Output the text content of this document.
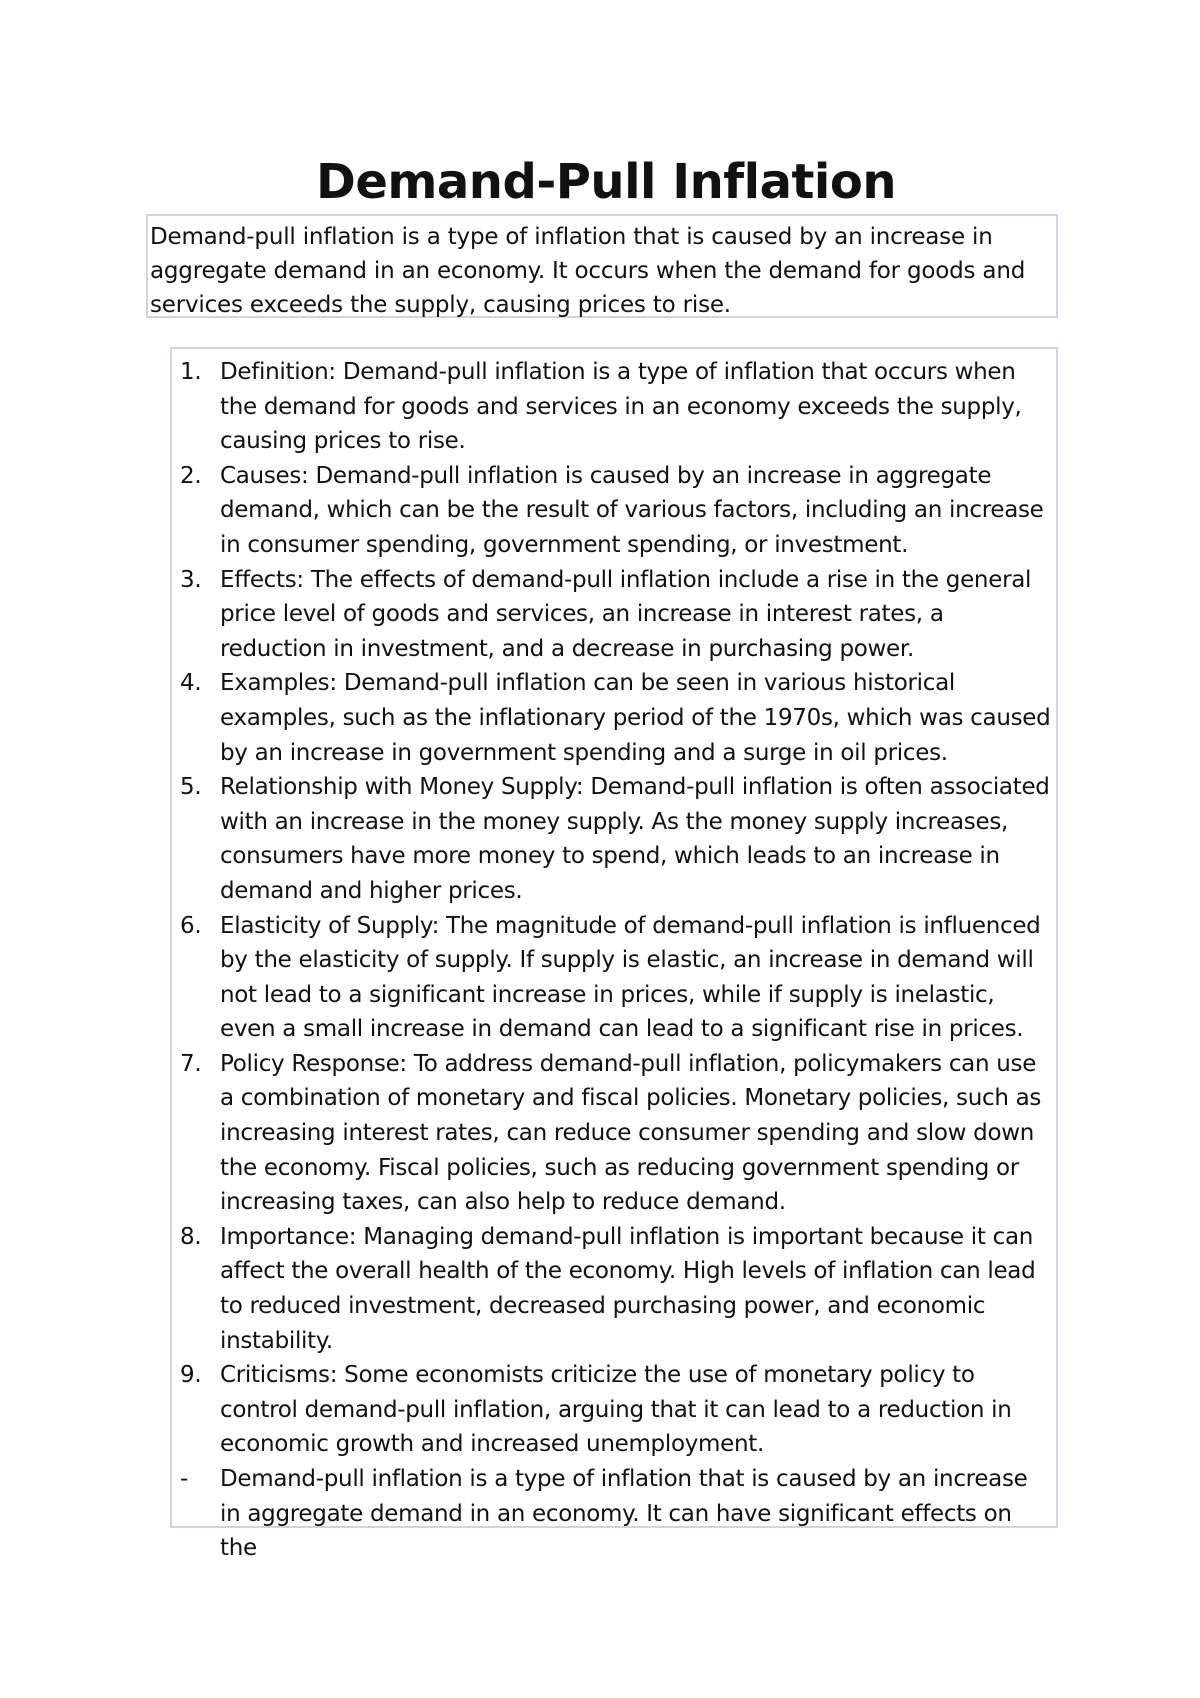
Demand-Pull Inflation
Demand-pull inflation is a type of inflation that is caused by an increase in aggregate demand in an economy. It occurs when the demand for goods and services exceeds the supply, causing prices to rise.
1. Definition: Demand-pull inflation is a type of inflation that occurs when the demand for goods and services in an economy exceeds the supply, causing prices to rise.
2. Causes: Demand-pull inflation is caused by an increase in aggregate demand, which can be the result of various factors, including an increase in consumer spending, government spending, or investment.
3. Effects: The effects of demand-pull inflation include a rise in the general price level of goods and services, an increase in interest rates, a reduction in investment, and a decrease in purchasing power.
4. Examples: Demand-pull inflation can be seen in various historical examples, such as the inflationary period of the 1970s, which was caused by an increase in government spending and a surge in oil prices.
5. Relationship with Money Supply: Demand-pull inflation is often associated with an increase in the money supply. As the money supply increases, consumers have more money to spend, which leads to an increase in demand and higher prices.
6. Elasticity of Supply: The magnitude of demand-pull inflation is influenced by the elasticity of supply. If supply is elastic, an increase in demand will not lead to a significant increase in prices, while if supply is inelastic, even a small increase in demand can lead to a significant rise in prices.
7. Policy Response: To address demand-pull inflation, policymakers can use a combination of monetary and fiscal policies. Monetary policies, such as increasing interest rates, can reduce consumer spending and slow down the economy. Fiscal policies, such as reducing government spending or increasing taxes, can also help to reduce demand.
8. Importance: Managing demand-pull inflation is important because it can affect the overall health of the economy. High levels of inflation can lead to reduced investment, decreased purchasing power, and economic instability.
9. Criticisms: Some economists criticize the use of monetary policy to control demand-pull inflation, arguing that it can lead to a reduction in economic growth and increased unemployment.
-	Demand-pull inflation is a type of inflation that is caused by an increase in aggregate demand in an economy. It can have significant effects on the
